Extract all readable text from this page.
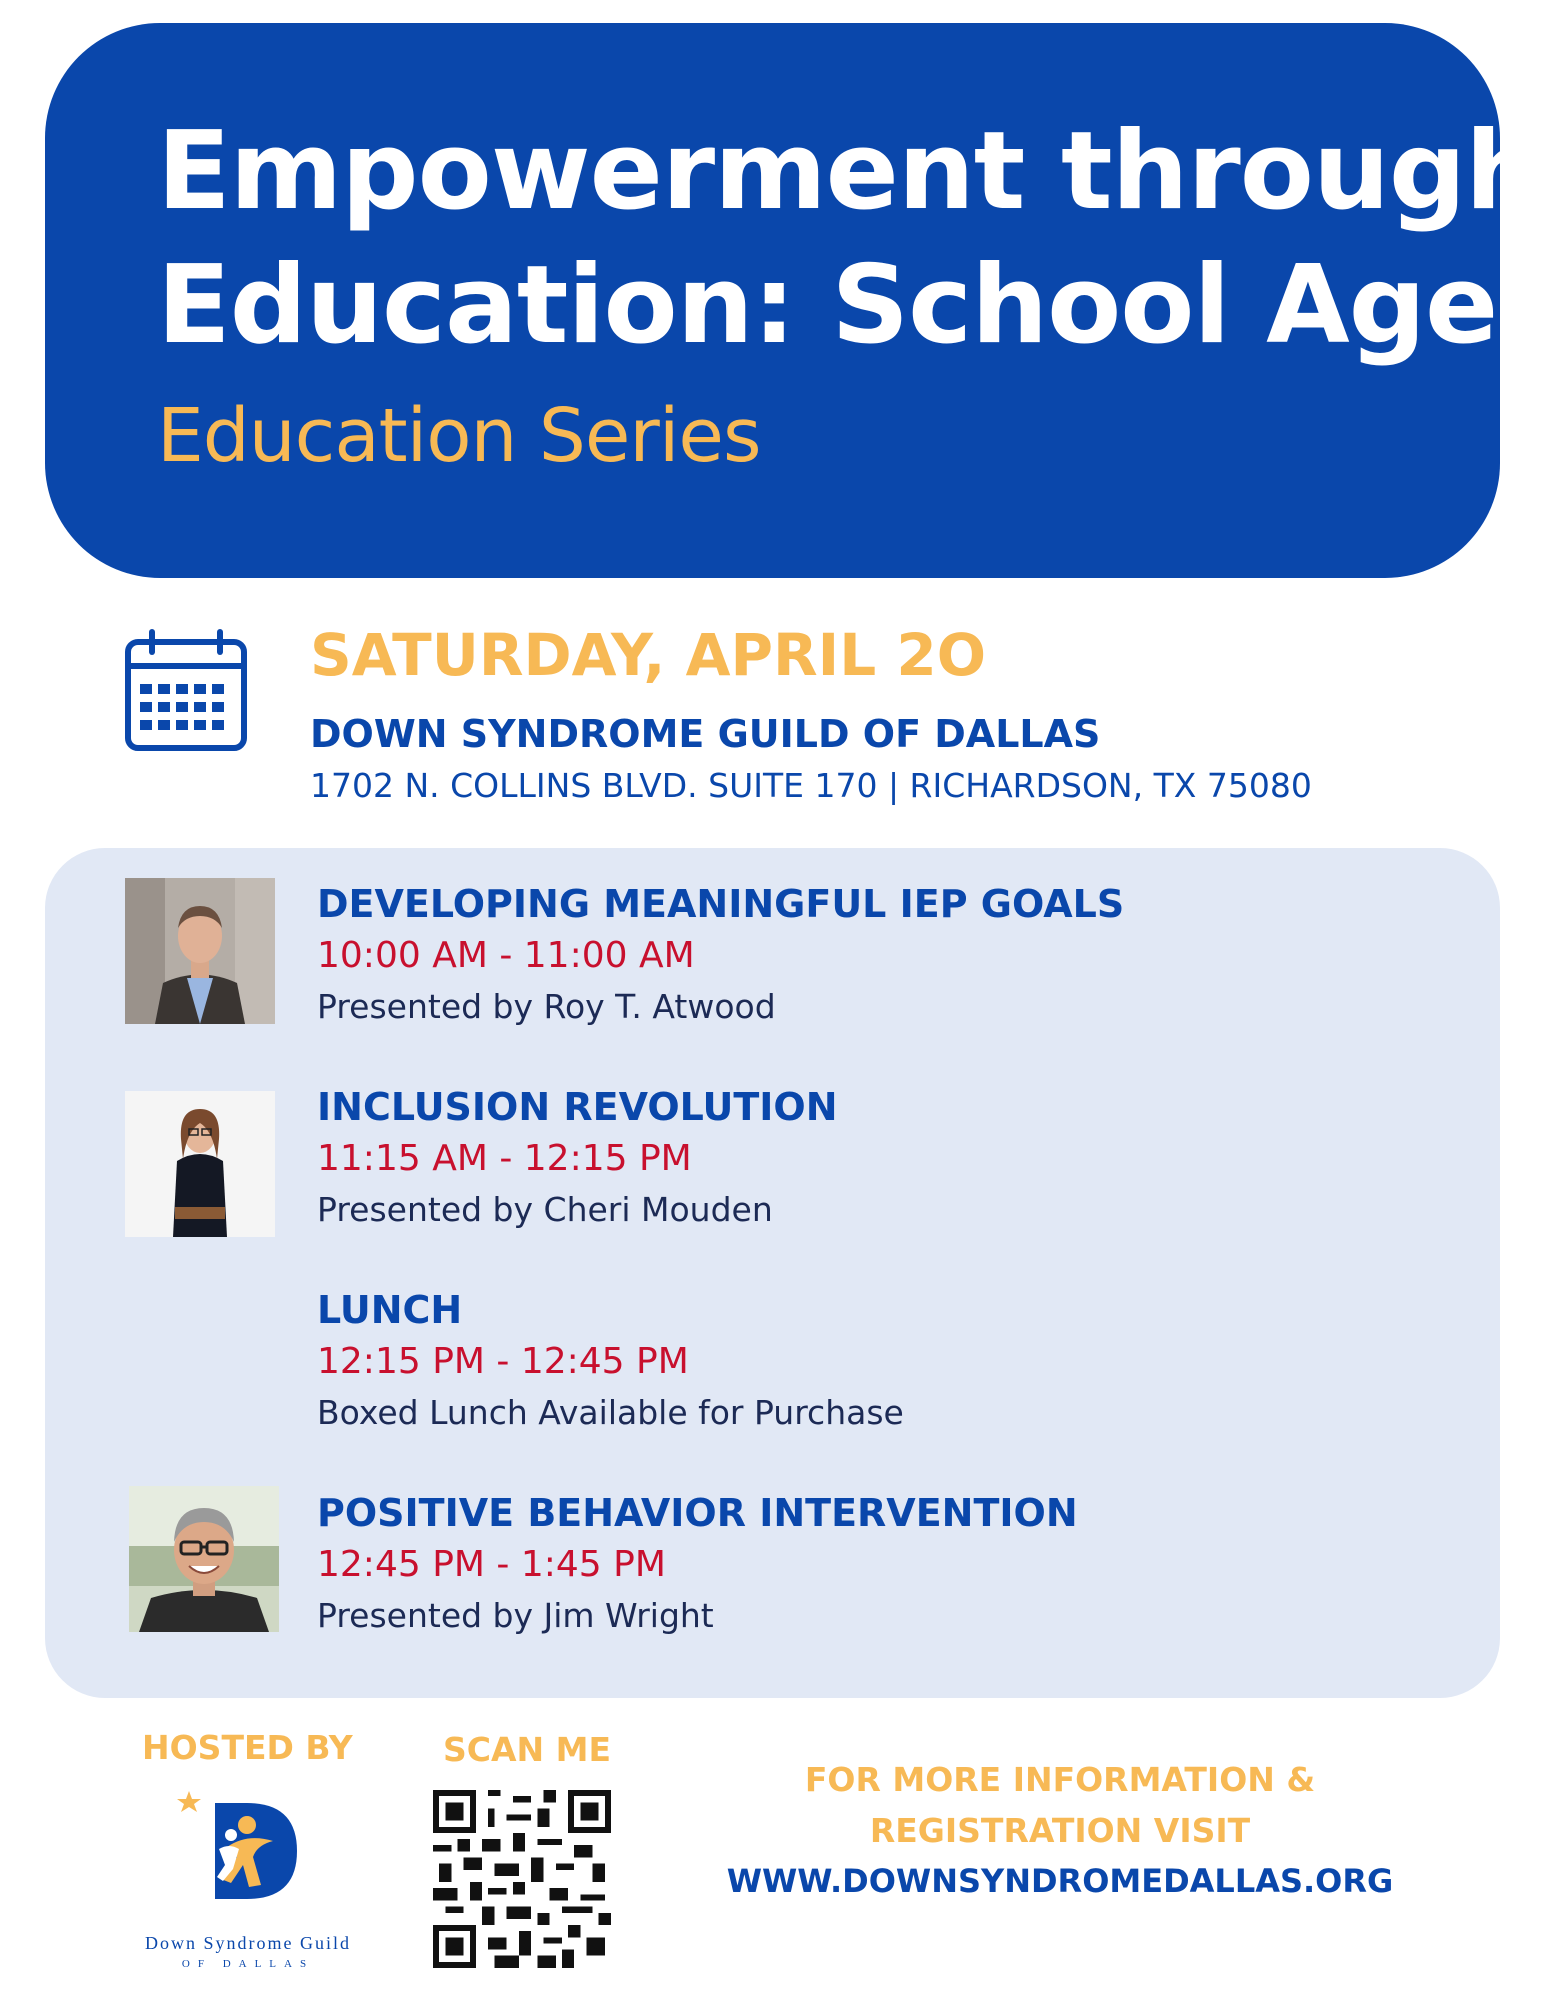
Empowerment through
Education: School Age
Education Series
SATURDAY, APRIL 2O
DOWN SYNDROME GUILD OF DALLAS
1702 N. COLLINS BLVD. SUITE 170 | RICHARDSON, TX 75080
DEVELOPING MEANINGFUL IEP GOALS
10:00 AM - 11:00 AM
Presented by Roy T. Atwood
INCLUSION REVOLUTION
11:15 AM - 12:15 PM
Presented by Cheri Mouden
LUNCH
12:15 PM - 12:45 PM
Boxed Lunch Available for Purchase
POSITIVE BEHAVIOR INTERVENTION
12:45 PM - 1:45 PM
Presented by Jim Wright
HOSTED BY	SCAN ME
Down Syndrome Guild
OF DALLAS
FOR MORE INFORMATION &
REGISTRATION VISIT
WWW.DOWNSYNDROMEDALLAS.ORG
